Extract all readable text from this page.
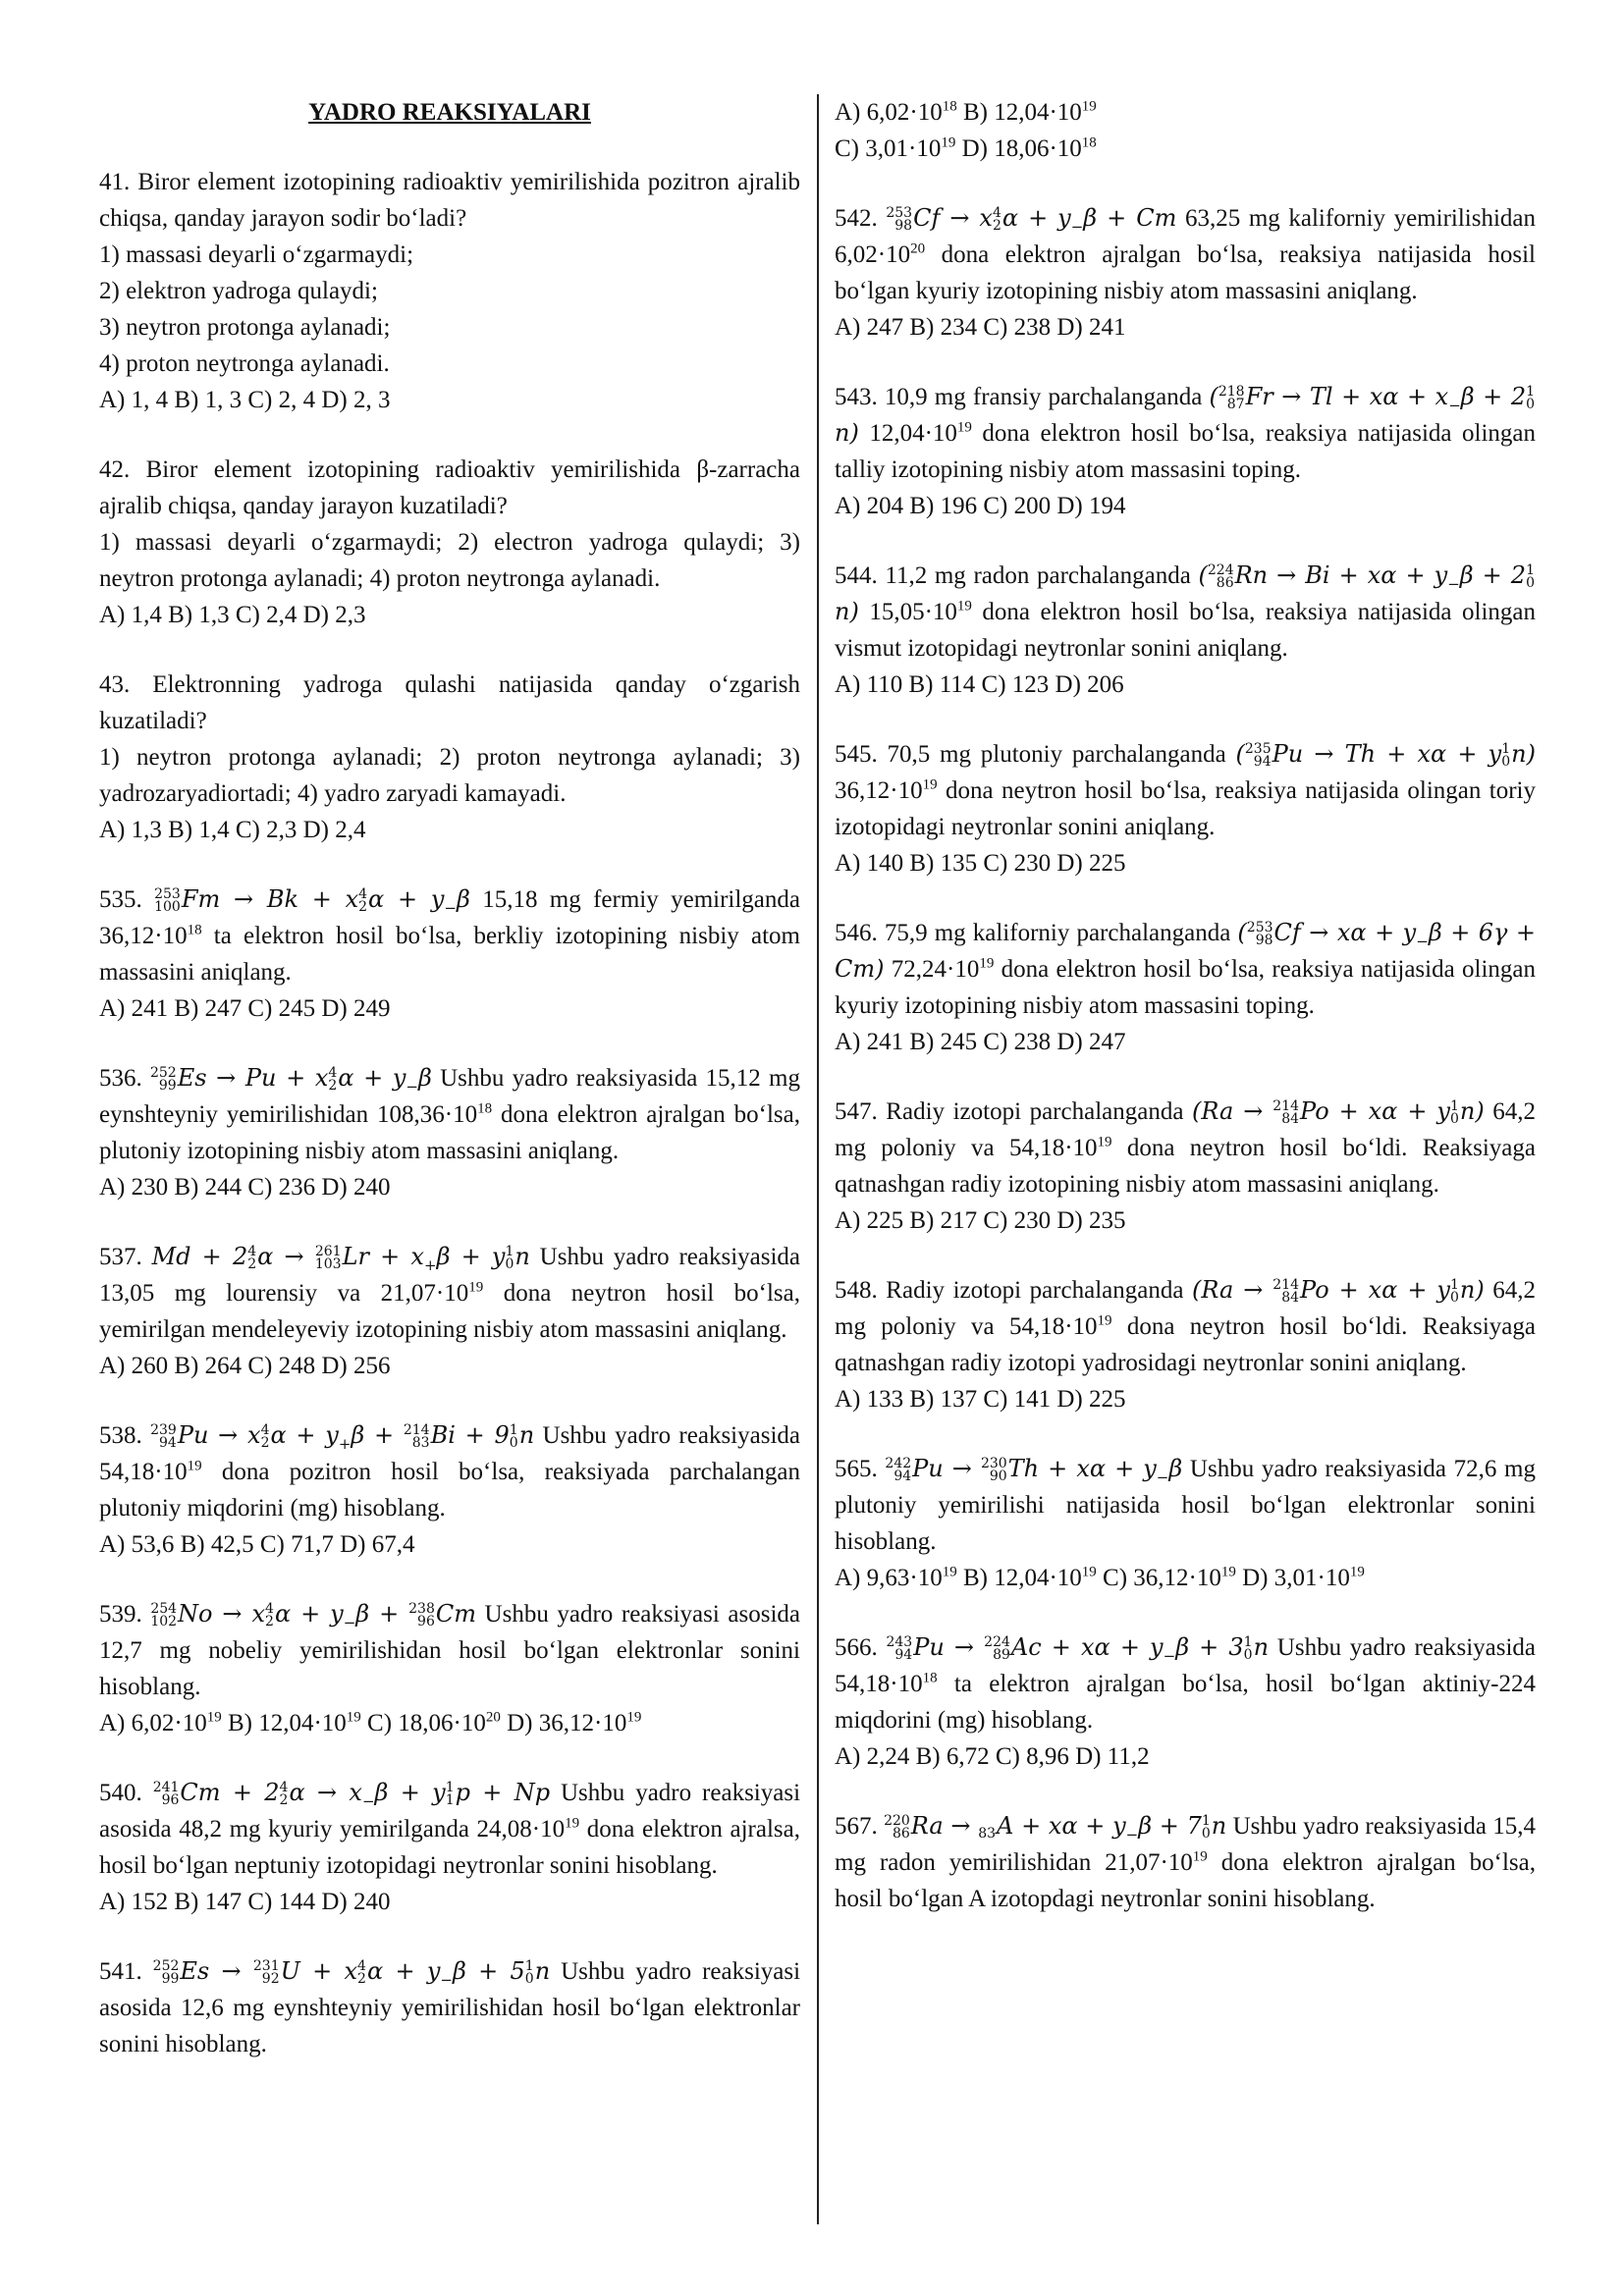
YADRO REAKSIYALARI

41. Biror element izotopining radioaktiv yemirilishida pozitron ajralib chiqsa, qanday jarayon sodir bo‘ladi?

1) massasi deyarli o‘zgarmaydi;

2) elektron yadroga qulaydi;

3) neytron protonga aylanadi;

4) proton neytronga aylanadi.

A) 1, 4 B) 1, 3 C) 2, 4 D) 2, 3

42. Biror element izotopining radioaktiv yemirilishida β-zarracha ajralib chiqsa, qanday jarayon kuzatiladi?

1) massasi deyarli o‘zgarmaydi; 2) electron yadroga qulaydi; 3) neytron protonga aylanadi; 4) proton neytronga aylanadi.

A) 1,4 B) 1,3 C) 2,4 D) 2,3

43. Elektronning yadroga qulashi natijasida qanday o‘zgarish kuzatiladi?

1) neytron protonga aylanadi; 2) proton neytronga aylanadi; 3) yadrozaryadiortadi; 4) yadro zaryadi kamayadi.

A) 1,3 B) 1,4 C) 2,3 D) 2,4

535. 253
100 Fm → Bk + x 4
2 $\alpha + y_-\beta$ 15,18 mg fermiy yemirilganda $36,12\cdot 10^{18}$ ta elektron hosil bo‘lsa, berkliy izotopining nisbiy atom massasini aniqlang.

A) 241 B) 247 C) 245 D) 249

536. 252
99 Es → Pu + x 4
2 $\alpha + y_-\beta$ Ushbu yadro reaksiyasida 15,12 mg eynshteyniy yemirilishidan $108,36\cdot 10^{18}$ dona elektron ajralgan bo‘lsa, plutoniy izotopining nisbiy atom massasini aniqlang.

A) 230 B) 244 C) 236 D) 240

537. Md + 2 4
2 α → 261
103 $Lr + x_+\beta + y$ 1
0 n Ushbu yadro reaksiyasida 13,05 mg lourensiy va $21,07\cdot 10^{19}$ dona neytron hosil bo‘lsa, yemirilgan mendeleyeviy izotopining nisbiy atom massasini aniqlang.

A) 260 B) 264 C) 248 D) 256

538. 239
94 Pu → x 4
2 $\alpha + y_+\beta + 214$
83 Bi + 9 1
0 n Ushbu yadro reaksiyasida $54,18\cdot 10^{19}$ dona pozitron hosil bo‘lsa, reaksiyada parchalangan plutoniy miqdorini (mg) hisoblang.

A) 53,6 B) 42,5 C) 71,7 D) 67,4

539. 254
102 No → x 4
2 $\alpha + y_-\beta + 238$
96 Cm Ushbu yadro reaksiyasi asosida 12,7 mg nobeliy yemirilishidan hosil bo‘lgan elektronlar sonini hisoblang.

A) $6,02\cdot 10^{19}$ B) $12,04\cdot 10^{19}$ C) $18,06\cdot 10^{20}$ D) $36,12\cdot 10^{19}$

540. 241
96 Cm + 2 4
2 $\alpha \to x_-\beta + y$ 1
1 p + Np Ushbu yadro reaksiyasi asosida 48,2 mg kyuriy yemirilganda $24,08\cdot 10^{19}$ dona elektron ajralsa, hosil bo‘lgan neptuniy izotopidagi neytronlar sonini hisoblang.

A) 152 B) 147 C) 144 D) 240

541. 252
99 Es → 231
92 U + x 4
2 $\alpha + y_-\beta + 5$ 1
0 n Ushbu yadro reaksiyasi asosida 12,6 mg eynshteyniy yemirilishidan hosil bo‘lgan elektronlar sonini hisoblang.

A) $6,02\cdot 10^{18}$ B) $12,04\cdot 10^{19}$

C) $3,01\cdot 10^{19}$ D) $18,06\cdot 10^{18}$

542. 253
98 Cf → x 4
2 $\alpha + y_-\beta + Cm$ 63,25 mg kaliforniy yemirilishidan $6,02\cdot 10^{20}$ dona elektron ajralgan bo‘lsa, reaksiya natijasida hosil bo‘lgan kyuriy izotopining nisbiy atom massasini aniqlang.

A) 247 B) 234 C) 238 D) 241

543. 10,9 mg fransiy parchalanganda ( 218
87 $Fr \to Tl + x\alpha + x_-\beta + 2$ 1
0
n) $12,04\cdot 10^{19}$ dona elektron hosil bo‘lsa, reaksiya natijasida olingan talliy izotopining nisbiy atom massasini toping.

A) 204 B) 196 C) 200 D) 194

544. 11,2 mg radon parchalanganda ( 224
86 $Rn \to Bi + x\alpha + y_-\beta + 2$ 1
0
n) $15,05\cdot 10^{19}$ dona elektron hosil bo‘lsa, reaksiya natijasida olingan vismut izotopidagi neytronlar sonini aniqlang.

A) 110 B) 114 C) 123 D) 206

545. 70,5 mg plutoniy parchalanganda ( 235
94 Pu → Th + xα + y 1
0 n) $36,12\cdot 10^{19}$ dona neytron hosil bo‘lsa, reaksiya natijasida olingan toriy izotopidagi neytronlar sonini aniqlang.

A) 140 B) 135 C) 230 D) 225

546. 75,9 mg kaliforniy parchalanganda ( 253
98 $Cf \to x\alpha + y_-\beta + 6\gamma + Cm$) $72,24\cdot 10^{19}$ dona elektron hosil bo‘lsa, reaksiya natijasida olingan kyuriy izotopining nisbiy atom massasini toping.

A) 241 B) 245 C) 238 D) 247

547. Radiy izotopi parchalanganda (Ra → 214
84 Po + xα + y 1
0 n) 64,2 mg poloniy va $54,18\cdot 10^{19}$ dona neytron hosil bo‘ldi. Reaksiyaga qatnashgan radiy izotopining nisbiy atom massasini aniqlang.

A) 225 B) 217 C) 230 D) 235

548. Radiy izotopi parchalanganda (Ra → 214
84 Po + xα + y 1
0 n) 64,2 mg poloniy va $54,18\cdot 10^{19}$ dona neytron hosil bo‘ldi. Reaksiyaga qatnashgan radiy izotopi yadrosidagi neytronlar sonini aniqlang.

A) 133 B) 137 C) 141 D) 225

565. 242
94 Pu → 230
90 $Th + x\alpha + y_-\beta$ Ushbu yadro reaksiyasida 72,6 mg plutoniy yemirilishi natijasida hosil bo‘lgan elektronlar sonini hisoblang.

A) $9,63\cdot 10^{19}$ B) $12,04\cdot 10^{19}$ C) $36,12\cdot 10^{19}$ D) $3,01\cdot 10^{19}$

566. 243
94 Pu → 224
89 $Ac + x\alpha + y_-\beta + 3$ 1
0 n Ushbu yadro reaksiyasida $54,18\cdot 10^{18}$ ta elektron ajralgan bo‘lsa, hosil bo‘lgan aktiniy-224 miqdorini (mg) hisoblang.

A) 2,24 B) 6,72 C) 8,96 D) 11,2

567. 220
86 Ra →
83 $A + x\alpha + y_-\beta + 7$ 1
0 n Ushbu yadro reaksiyasida 15,4 mg radon yemirilishidan $21,07\cdot 10^{19}$ dona elektron ajralgan bo‘lsa, hosil bo‘lgan A izotopdagi neytronlar sonini hisoblang.
